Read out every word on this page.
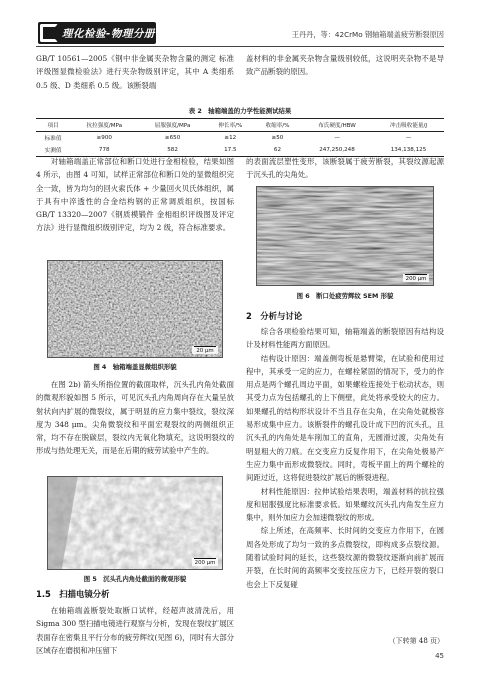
理化检验-物理分册	王丹丹，等：42CrMo 钢轴箱端盖疲劳断裂原因

GB/T 10561—2005《钢中非金属夹杂物含量的测定 标准评级图显微检验法》进行夹杂物级别评定，其中 A 类细系 0.5 级、D 类细系 0.5 级。该断裂端

盖材料的非金属夹杂物含量级别较低，这说明夹杂物不是导致产品断裂的原因。

表 2　轴箱端盖的力学性能测试结果
项目	抗拉强度/MPa	屈服强度/MPa	伸长率/%	收缩率/%	布氏硬度/HBW	冲击吸收能量/J
标准值	≥900	≥650	≥12	≥50	—	—
实测值	778	582	17.5	62	247,250,248	134,138,125

对轴箱端盖正常部位和断口处进行金相检验，结果如图 4 所示，由图 4 可知，试样正常部位和断口处的显微组织完全一致，皆为均匀的回火索氏体 + 少量回火贝氏体组织，属于具有中淬透性的合金结构钢的正常调质组织，按国标 GB/T 13320—2007《钢质模锻件 金相组织评级图及评定方法》进行显微组织级别评定，均为 2 级，符合标准要求。

20 μm
图 4　轴箱端盖显微组织形貌

在图 2b) 箭头所指位置的截面取样，沉头孔内角处截面的微观形貌如图 5 所示，可见沉头孔内角周向存在大量呈放射状向内扩展的微裂纹，属于明显的应力集中裂纹，裂纹深度为 348 μm。尖角微裂纹和平面宏观裂纹的两侧组织正常，均不存在脱碳层，裂纹内无氧化物填充，这说明裂纹的形成与热处理无关，而是在后期的疲劳试验中产生的。

200 μm
图 5　沉头孔内角处截面的微观形貌
1.5　扫描电镜分析

在轴箱端盖断裂处取断口试样，经超声波清洗后，用 Sigma 300 型扫描电镜进行观察与分析，发现在裂纹扩展区表面存在密集且平行分布的疲劳辉纹(见图 6)，同时有大部分区域存在磨损和冲压留下

的表面流层塑性变形，该断裂属于疲劳断裂，其裂纹源起源于沉头孔的尖角处。

200 μm
图 6　断口处疲劳辉纹 SEM 形貌
2　分析与讨论

综合各项检验结果可知，轴箱端盖的断裂原因有结构设计及材料性能两方面原因。

结构设计原因：端盖侧弯板是悬臂梁，在试验和使用过程中，其承受一定的应力，在螺栓紧固的情况下，受力的作用点是两个螺孔周边平面，如果螺栓连接处于松动状态，则其受力点为包括螺孔的上下侧壁，此处将承受较大的应力。如果螺孔的结构形状设计不当且存在尖角，在尖角处就极容易形成集中应力。该断裂件的螺孔设计成下凹的沉头孔，且沉头孔的内角处是车削加工的直角，无圆滑过渡，尖角处有明显粗大的刀痕。在交变应力反复作用下，在尖角处极易产生应力集中而形成微裂纹。同时，弯板平面上的两个螺栓的间距过近，这将促进裂纹扩展后的断裂进程。

材料性能原因：拉伸试验结果表明，端盖材料的抗拉强度和屈服强度比标准要求低。如果螺纹沉头孔内角发生应力集中，则外加应力会加速微裂纹的形成。

综上所述，在高频率、长时间的交变应力作用下，在圆周各处形成了均匀一致的多点微裂纹，即构成多点裂纹源。随着试验时间的延长，这些裂纹源的微裂纹逐渐向前扩展而开裂，在长时间的高频率交变拉压应力下，已经开裂的裂口也会上下反复碰

（下转第 48 页）
45
